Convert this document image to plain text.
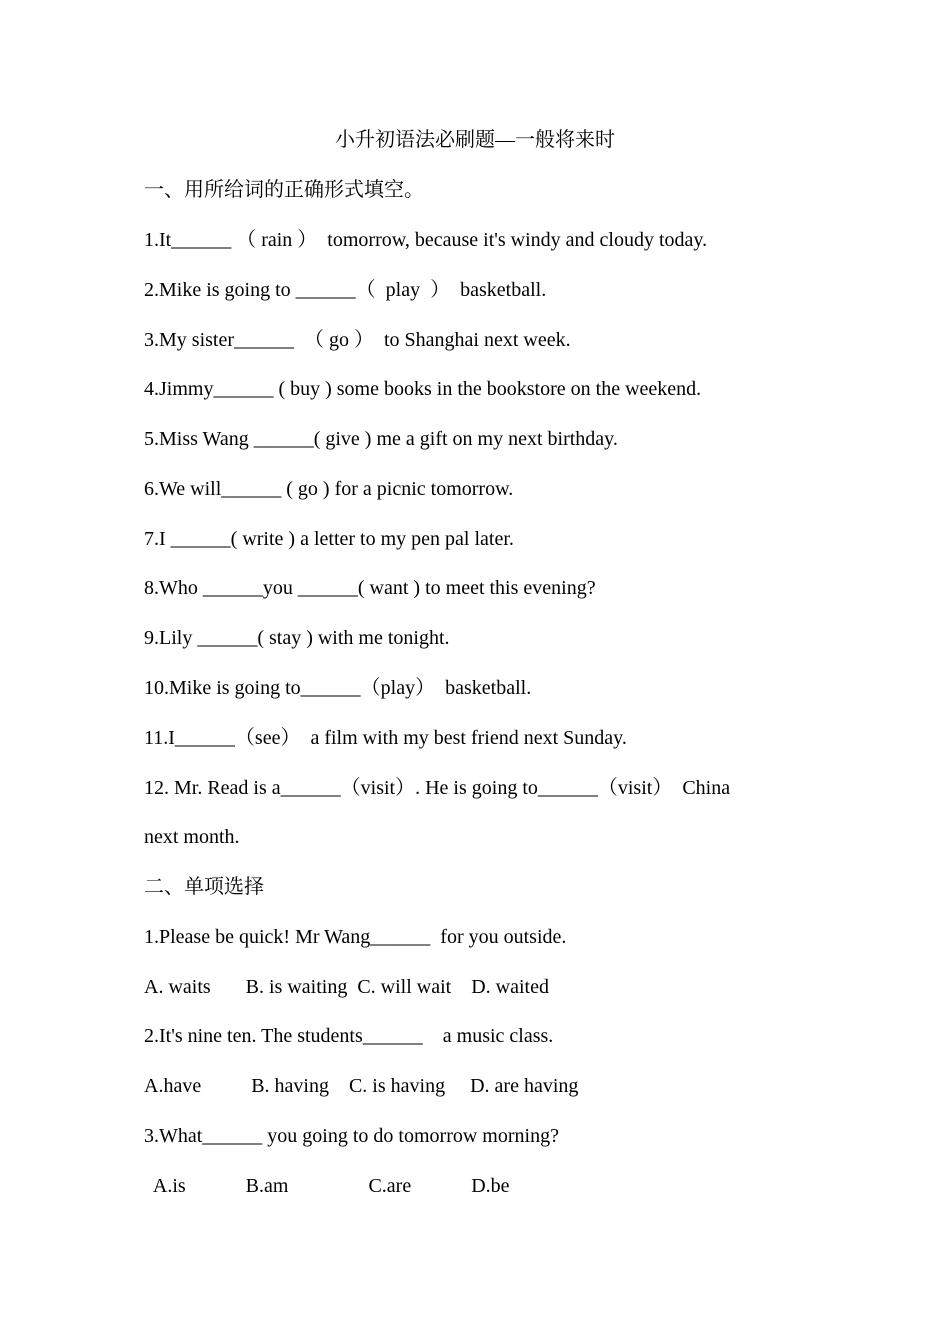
小升初语法必刷题—一般将来时
一、用所给词的正确形式填空。
1.It______ （ rain ）  tomorrow, because it's windy and cloudy today.
2.Mike is going to ______（  play  ）  basketball.
3.My sister______  （ go ）  to Shanghai next week.
4.Jimmy______ ( buy ) some books in the bookstore on the weekend.
5.Miss Wang ______( give ) me a gift on my next birthday.
6.We will______ ( go ) for a picnic tomorrow.
7.I ______( write ) a letter to my pen pal later.
8.Who ______you ______( want ) to meet this evening?
9.Lily ______( stay ) with me tonight.
10.Mike is going to______（play）  basketball.
11.I______（see）  a film with my best friend next Sunday.
12. Mr. Read is a______（visit）. He is going to______（visit）  China
next month.
二、单项选择
1.Please be quick! Mr Wang______  for you outside.
A. waits       B. is waiting  C. will wait    D. waited
2.It's nine ten. The students______    a music class.
A.have          B. having    C. is having     D. are having
3.What______ you going to do tomorrow morning?
A.is            B.am                C.are            D.be
